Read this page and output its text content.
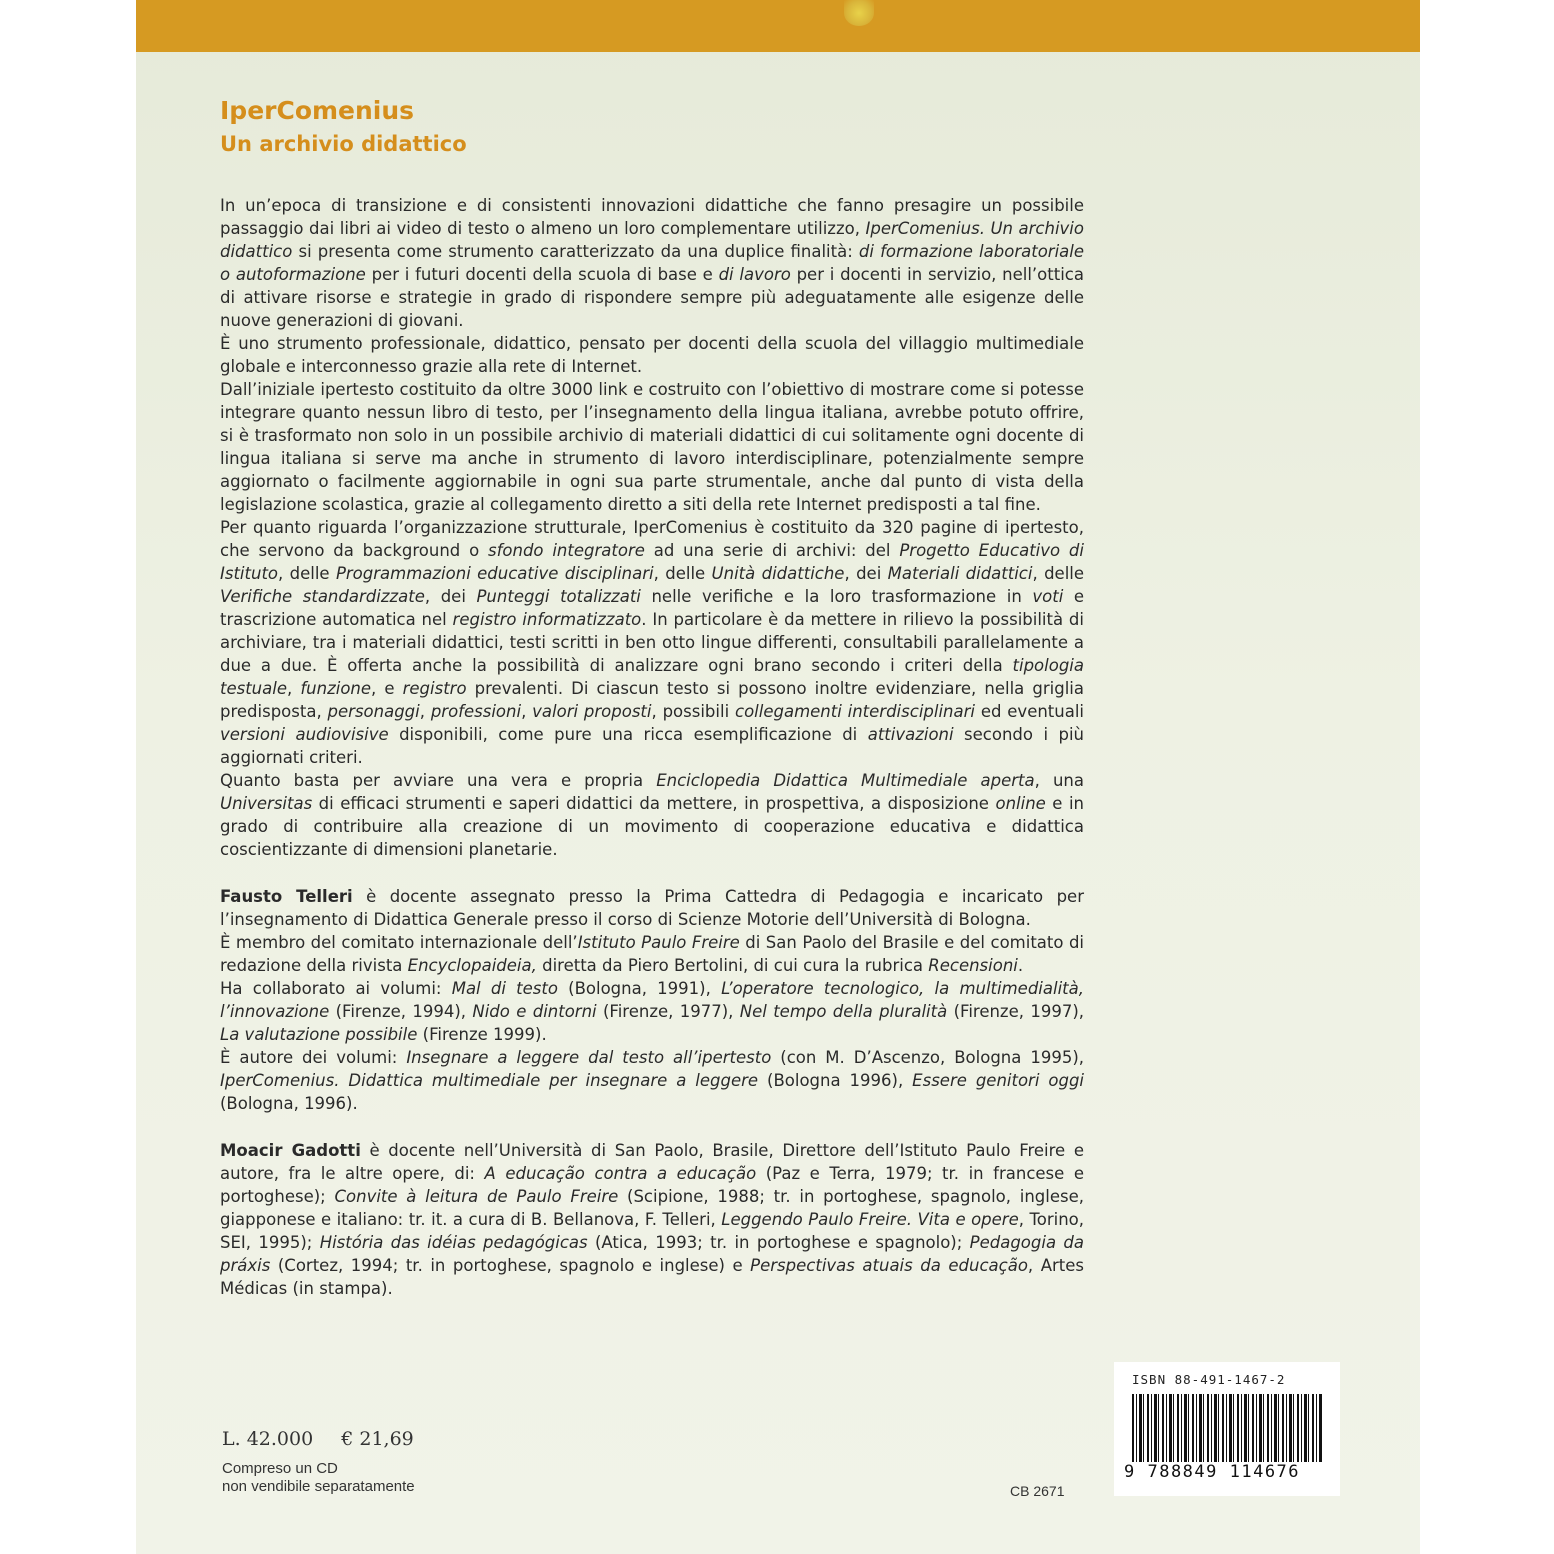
IperComenius

Un archivio didattico

In un’epoca di transizione e di consistenti innovazioni didattiche che fanno presagire un possibile passaggio dai libri ai video di testo o almeno un loro complementare utilizzo, IperComenius. Un archivio didattico si presenta come strumento caratterizzato da una duplice finalità: di formazione laboratoriale o autoformazione per i futuri docenti della scuola di base e di lavoro per i docenti in servizio, nell’ottica di attivare risorse e strategie in grado di rispondere sempre più adeguatamente alle esigenze delle nuove generazioni di giovani.

È uno strumento professionale, didattico, pensato per docenti della scuola del villaggio multimediale globale e interconnesso grazie alla rete di Internet.

Dall’iniziale ipertesto costituito da oltre 3000 link e costruito con l’obiettivo di mostrare come si potesse integrare quanto nessun libro di testo, per l’insegnamento della lingua italiana, avrebbe potuto offrire, si è trasformato non solo in un possibile archivio di materiali didattici di cui solitamente ogni docente di lingua italiana si serve ma anche in strumento di lavoro interdisciplinare, potenzialmente sempre aggiornato o facilmente aggiornabile in ogni sua parte strumentale, anche dal punto di vista della legislazione scolastica, grazie al collegamento diretto a siti della rete Internet predisposti a tal fine.

Per quanto riguarda l’organizzazione strutturale, IperComenius è costituito da 320 pagine di ipertesto, che servono da background o sfondo integratore ad una serie di archivi: del Progetto Educativo di Istituto, delle Programmazioni educative disciplinari, delle Unità didattiche, dei Materiali didattici, delle Verifiche standardizzate, dei Punteggi totalizzati nelle verifiche e la loro trasformazione in voti e trascrizione automatica nel registro informatizzato. In particolare è da mettere in rilievo la possibilità di archiviare, tra i materiali didattici, testi scritti in ben otto lingue differenti, consultabili parallelamente a due a due. È offerta anche la possibilità di analizzare ogni brano secondo i criteri della tipologia testuale, funzione, e registro prevalenti. Di ciascun testo si possono inoltre evidenziare, nella griglia predisposta, personaggi, professioni, valori proposti, possibili collegamenti interdisciplinari ed eventuali versioni audiovisive disponibili, come pure una ricca esemplificazione di attivazioni secondo i più aggiornati criteri.

Quanto basta per avviare una vera e propria Enciclopedia Didattica Multimediale aperta, una Universitas di efficaci strumenti e saperi didattici da mettere, in prospettiva, a disposizione online e in grado di contribuire alla creazione di un movimento di cooperazione educativa e didattica coscientizzante di dimensioni planetarie.

Fausto Telleri è docente assegnato presso la Prima Cattedra di Pedagogia e incaricato per l’insegnamento di Didattica Generale presso il corso di Scienze Motorie dell’Università di Bologna.

È membro del comitato internazionale dell’Istituto Paulo Freire di San Paolo del Brasile e del comitato di redazione della rivista Encyclopaideia, diretta da Piero Bertolini, di cui cura la rubrica Recensioni.

Ha collaborato ai volumi: Mal di testo (Bologna, 1991), L’operatore tecnologico, la multimedialità, l’innovazione (Firenze, 1994), Nido e dintorni (Firenze, 1977), Nel tempo della pluralità (Firenze, 1997), La valutazione possibile (Firenze 1999).

È autore dei volumi: Insegnare a leggere dal testo all’ipertesto (con M. D’Ascenzo, Bologna 1995), IperComenius. Didattica multimediale per insegnare a leggere (Bologna 1996), Essere genitori oggi (Bologna, 1996).

Moacir Gadotti è docente nell’Università di San Paolo, Brasile, Direttore dell’Istituto Paulo Freire e autore, fra le altre opere, di: A educação contra a educação (Paz e Terra, 1979; tr. in francese e portoghese); Convite à leitura de Paulo Freire (Scipione, 1988; tr. in portoghese, spagnolo, inglese, giapponese e italiano: tr. it. a cura di B. Bellanova, F. Telleri, Leggendo Paulo Freire. Vita e opere, Torino, SEI, 1995); História das idéias pedagógicas (Atica, 1993; tr. in portoghese e spagnolo); Pedagogia da práxis (Cortez, 1994; tr. in portoghese, spagnolo e inglese) e Perspectivas atuais da educação, Artes Médicas (in stampa).

L. 42.000 € 21,69
Compreso un CD
non vendibile separatamente	CB 2671
ISBN 88-491-1467-2
9 788849 114676
